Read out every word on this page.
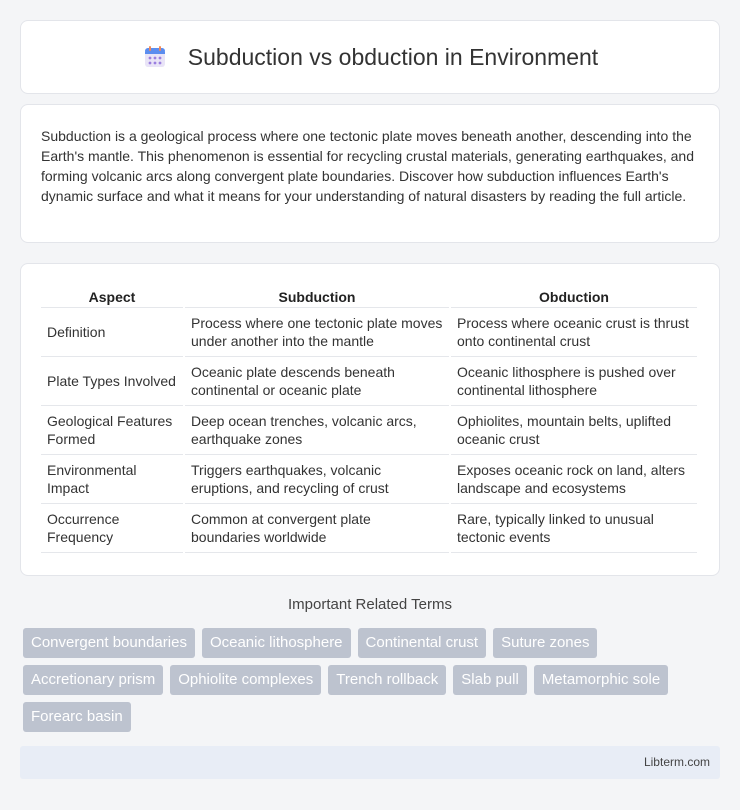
Subduction vs obduction in Environment

Subduction is a geological process where one tectonic plate moves beneath another, descending into the Earth's mantle. This phenomenon is essential for recycling crustal materials, generating earthquakes, and forming volcanic arcs along convergent plate boundaries. Discover how subduction influences Earth's dynamic surface and what it means for your understanding of natural disasters by reading the full article.

Aspect	Subduction	Obduction
Definition	Process where one tectonic plate moves under another into the mantle	Process where oceanic crust is thrust onto continental crust
Plate Types Involved	Oceanic plate descends beneath continental or oceanic plate	Oceanic lithosphere is pushed over continental lithosphere
Geological Features Formed	Deep ocean trenches, volcanic arcs, earthquake zones	Ophiolites, mountain belts, uplifted oceanic crust
Environmental Impact	Triggers earthquakes, volcanic eruptions, and recycling of crust	Exposes oceanic rock on land, alters landscape and ecosystems
Occurrence Frequency	Common at convergent plate boundaries worldwide	Rare, typically linked to unusual tectonic events
Important Related Terms
Convergent boundaries	Oceanic lithosphere	Continental crust	Suture zones
Accretionary prism	Ophiolite complexes	Trench rollback	Slab pull	Metamorphic sole
Forearc basin
Libterm.com
